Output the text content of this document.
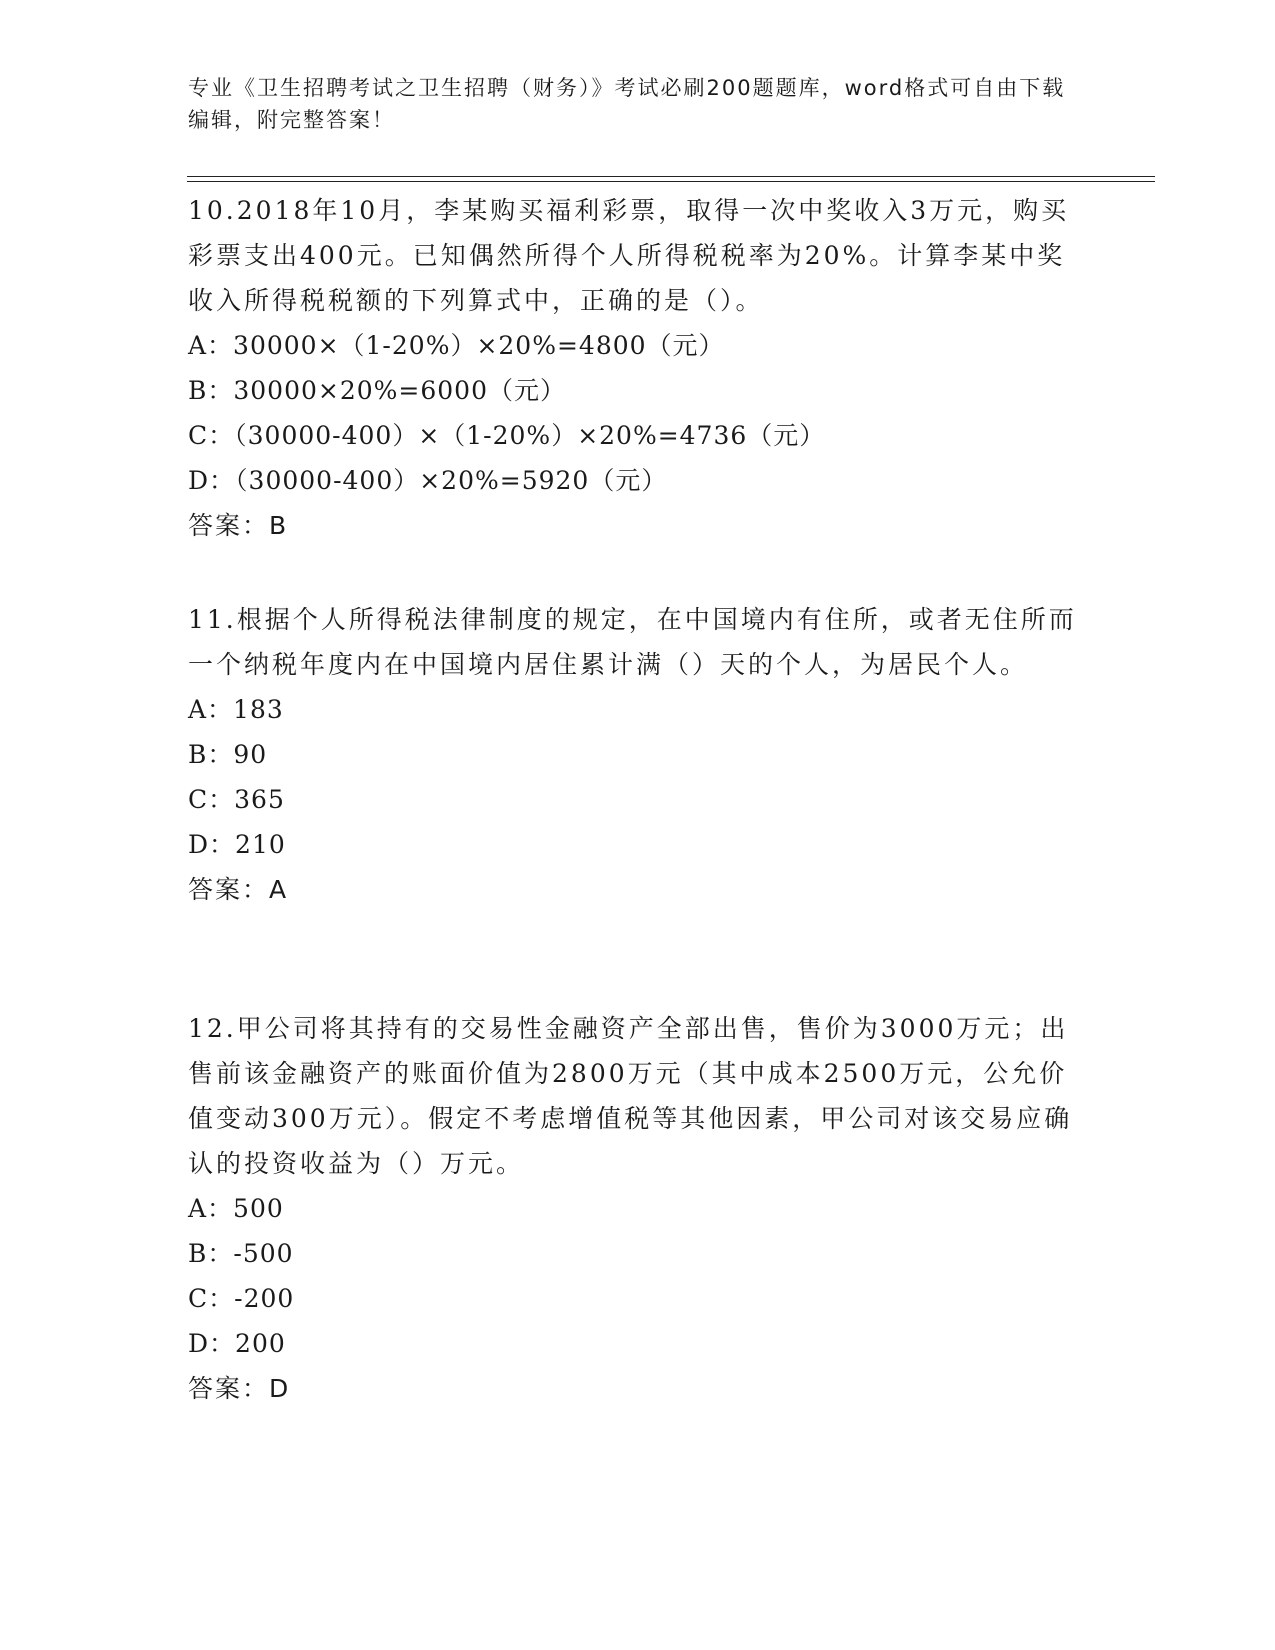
专业《卫生招聘考试之卫生招聘（财务）》考试必刷200题题库，word格式可自由下载编辑，附完整答案！

10.2018年10月，李某购买福利彩票，取得一次中奖收入3万元，购买彩票支出400元。已知偶然所得个人所得税税率为20%。计算李某中奖收入所得税税额的下列算式中，正确的是（）。

A：30000×（1-20%）×20%=4800（元）

B：30000×20%=6000（元）

C：（30000-400）×（1-20%）×20%=4736（元）

D：（30000-400）×20%=5920（元）

答案：B

11.根据个人所得税法律制度的规定，在中国境内有住所，或者无住所而一个纳税年度内在中国境内居住累计满（）天的个人，为居民个人。

A：183

B：90

C：365

D：210

答案：A

12.甲公司将其持有的交易性金融资产全部出售，售价为3000万元；出售前该金融资产的账面价值为2800万元（其中成本2500万元，公允价值变动300万元）。假定不考虑增值税等其他因素，甲公司对该交易应确认的投资收益为（）万元。

A：500

B：-500

C：-200

D：200

答案：D
